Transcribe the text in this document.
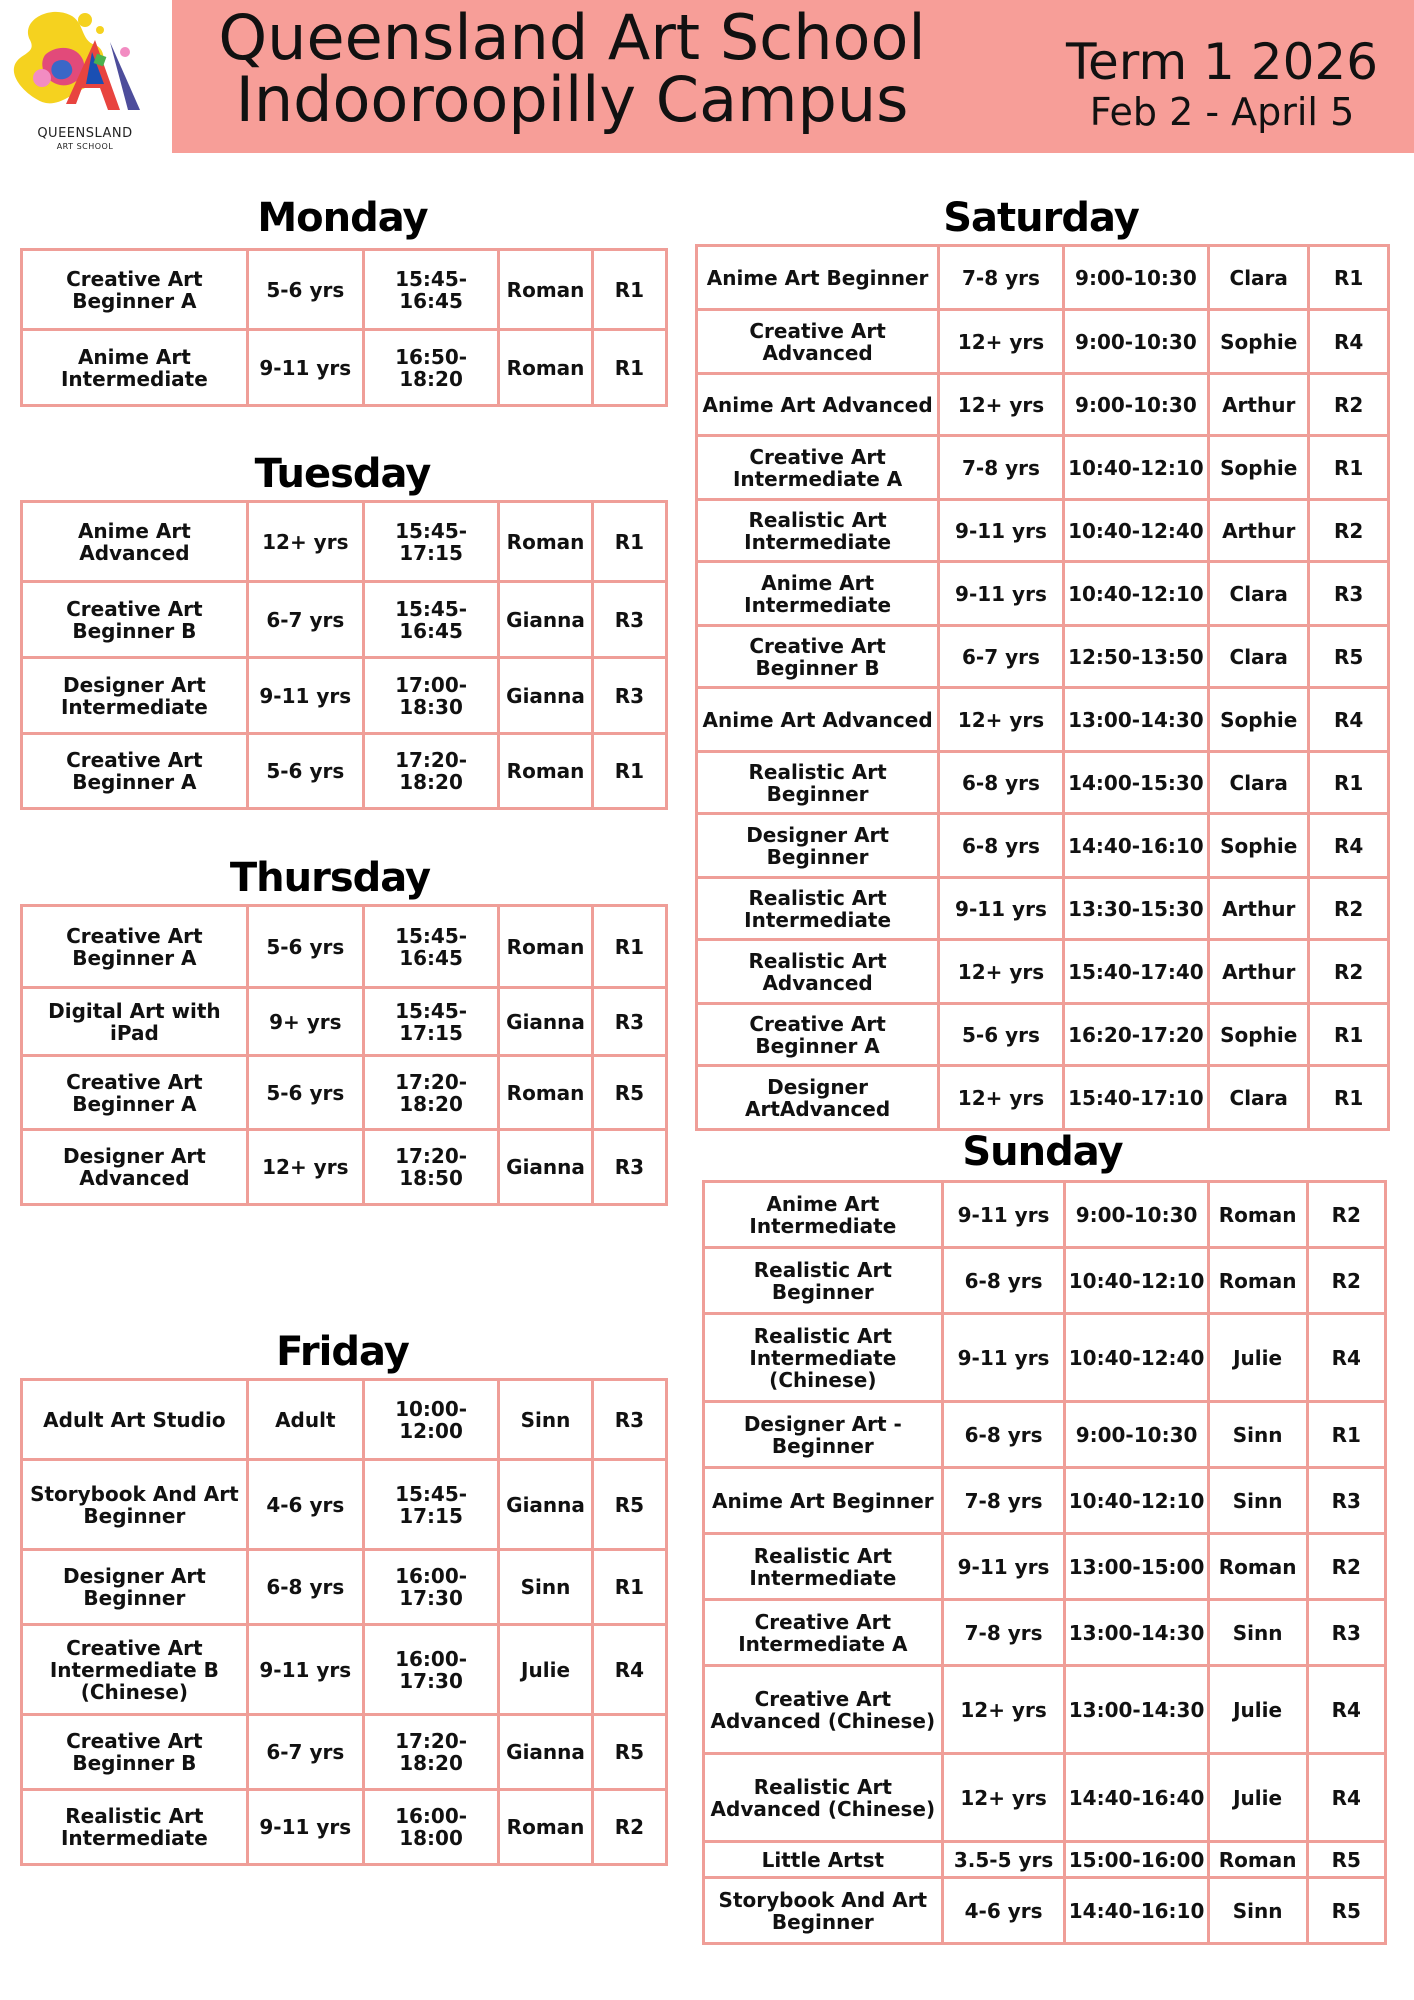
QUEENSLAND
ART SCHOOL
Queensland Art School
Indooroopilly Campus
Term 1 2026
Feb 2 - April 5
Monday
Tuesday
Thursday
Friday
Saturday
Sunday
Creative Art Beginner A	5-6 yrs	15:45-16:45	Roman	R1
Anime Art Intermediate	9-11 yrs	16:50-18:20	Roman	R1
Anime Art Advanced	12+ yrs	15:45-17:15	Roman	R1
Creative Art Beginner B	6-7 yrs	15:45-16:45	Gianna	R3
Designer Art Intermediate	9-11 yrs	17:00-18:30	Gianna	R3
Creative Art Beginner A	5-6 yrs	17:20-18:20	Roman	R1
Creative Art Beginner A	5-6 yrs	15:45-16:45	Roman	R1
Digital Art with iPad	9+ yrs	15:45-17:15	Gianna	R3
Creative Art Beginner A	5-6 yrs	17:20-18:20	Roman	R5
Designer Art Advanced	12+ yrs	17:20-18:50	Gianna	R3
Adult Art Studio	Adult	10:00-12:00	Sinn	R3
Storybook And Art Beginner	4-6 yrs	15:45-17:15	Gianna	R5
Designer Art Beginner	6-8 yrs	16:00-17:30	Sinn	R1
Creative Art Intermediate B (Chinese)	9-11 yrs	16:00-17:30	Julie	R4
Creative Art Beginner B	6-7 yrs	17:20-18:20	Gianna	R5
Realistic Art Intermediate	9-11 yrs	16:00-18:00	Roman	R2
Anime Art Beginner	7-8 yrs	9:00-10:30	Clara	R1
Creative Art Advanced	12+ yrs	9:00-10:30	Sophie	R4
Anime Art Advanced	12+ yrs	9:00-10:30	Arthur	R2
Creative Art Intermediate A	7-8 yrs	10:40-12:10	Sophie	R1
Realistic Art Intermediate	9-11 yrs	10:40-12:40	Arthur	R2
Anime Art Intermediate	9-11 yrs	10:40-12:10	Clara	R3
Creative Art Beginner B	6-7 yrs	12:50-13:50	Clara	R5
Anime Art Advanced	12+ yrs	13:00-14:30	Sophie	R4
Realistic Art Beginner	6-8 yrs	14:00-15:30	Clara	R1
Designer Art Beginner	6-8 yrs	14:40-16:10	Sophie	R4
Realistic Art Intermediate	9-11 yrs	13:30-15:30	Arthur	R2
Realistic Art Advanced	12+ yrs	15:40-17:40	Arthur	R2
Creative Art Beginner A	5-6 yrs	16:20-17:20	Sophie	R1
Designer ArtAdvanced	12+ yrs	15:40-17:10	Clara	R1
Anime Art Intermediate	9-11 yrs	9:00-10:30	Roman	R2
Realistic Art Beginner	6-8 yrs	10:40-12:10	Roman	R2
Realistic Art Intermediate (Chinese)	9-11 yrs	10:40-12:40	Julie	R4
Designer Art - Beginner	6-8 yrs	9:00-10:30	Sinn	R1
Anime Art Beginner	7-8 yrs	10:40-12:10	Sinn	R3
Realistic Art Intermediate	9-11 yrs	13:00-15:00	Roman	R2
Creative Art Intermediate A	7-8 yrs	13:00-14:30	Sinn	R3
Creative Art Advanced (Chinese)	12+ yrs	13:00-14:30	Julie	R4
Realistic Art Advanced (Chinese)	12+ yrs	14:40-16:40	Julie	R4
Little Artst	3.5-5 yrs	15:00-16:00	Roman	R5
Storybook And Art Beginner	4-6 yrs	14:40-16:10	Sinn	R5
